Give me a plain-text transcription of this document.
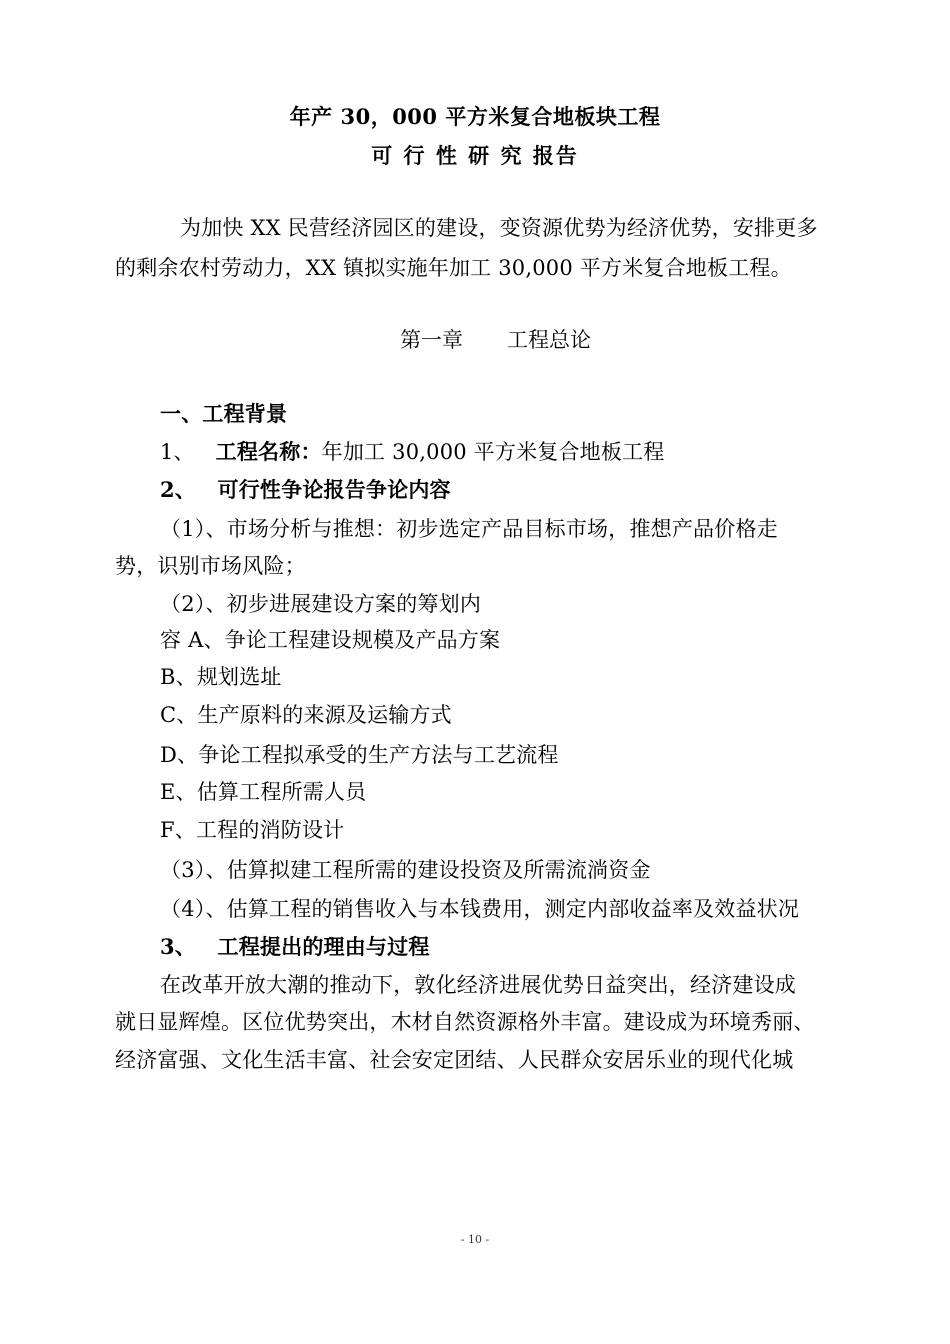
年产 30，000 平方米复合地板块工程
可 行 性 研 究 报告
为加快 XX 民营经济园区的建设，变资源优势为经济优势，安排更多
的剩余农村劳动力，XX 镇拟实施年加工 30,000 平方米复合地板工程。
第一章 工程总论
一、工程背景
1、 工程名称：年加工 30,000 平方米复合地板工程
2、 可行性争论报告争论内容
（1）、市场分析与推想：初步选定产品目标市场，推想产品价格走
势，识别市场风险；
（2）、初步进展建设方案的筹划内
容 A、争论工程建设规模及产品方案
B、规划选址
C、生产原料的来源及运输方式
D、争论工程拟承受的生产方法与工艺流程
E、估算工程所需人员
F、工程的消防设计
（3）、估算拟建工程所需的建设投资及所需流淌资金
（4）、估算工程的销售收入与本钱费用，测定内部收益率及效益状况
3、 工程提出的理由与过程
在改革开放大潮的推动下，敦化经济进展优势日益突出，经济建设成
就日显辉煌。区位优势突出，木材自然资源格外丰富。建设成为环境秀丽、
经济富强、文化生活丰富、社会安定团结、人民群众安居乐业的现代化城
- 10 -
